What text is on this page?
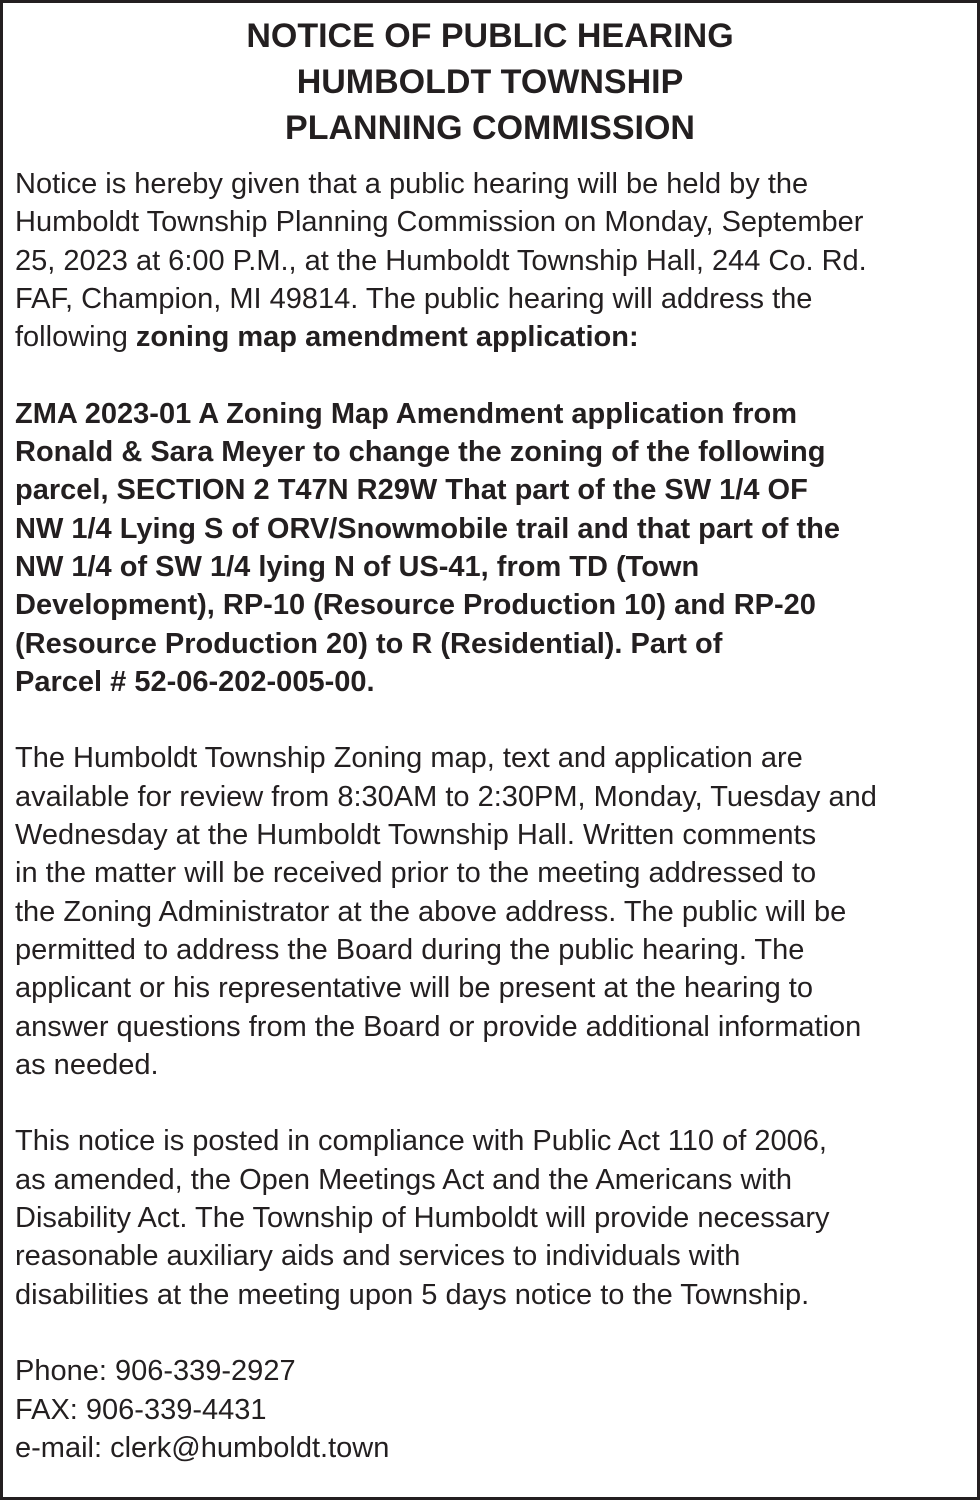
NOTICE OF PUBLIC HEARING
HUMBOLDT TOWNSHIP
PLANNING COMMISSION
Notice is hereby given that a public hearing will be held by the
Humboldt Township Planning Commission on Monday, September
25, 2023 at 6:00 P.M., at the Humboldt Township Hall, 244 Co. Rd.
FAF, Champion, MI 49814. The public hearing will address the
following zoning map amendment application:
ZMA 2023-01 A Zoning Map Amendment application from
Ronald & Sara Meyer to change the zoning of the following
parcel, SECTION 2 T47N R29W That part of the SW 1/4 OF
NW 1/4 Lying S of ORV/Snowmobile trail and that part of the
NW 1/4 of SW 1/4 lying N of US-41, from TD (Town
Development), RP-10 (Resource Production 10) and RP-20
(Resource Production 20) to R (Residential). Part of
Parcel # 52-06-202-005-00.
The Humboldt Township Zoning map, text and application are
available for review from 8:30AM to 2:30PM, Monday, Tuesday and
Wednesday at the Humboldt Township Hall. Written comments
in the matter will be received prior to the meeting addressed to
the Zoning Administrator at the above address. The public will be
permitted to address the Board during the public hearing. The
applicant or his representative will be present at the hearing to
answer questions from the Board or provide additional information
as needed.
This notice is posted in compliance with Public Act 110 of 2006,
as amended, the Open Meetings Act and the Americans with
Disability Act. The Township of Humboldt will provide necessary
reasonable auxiliary aids and services to individuals with
disabilities at the meeting upon 5 days notice to the Township.
Phone: 906-339-2927
FAX: 906-339-4431
e-mail: clerk@humboldt.town
